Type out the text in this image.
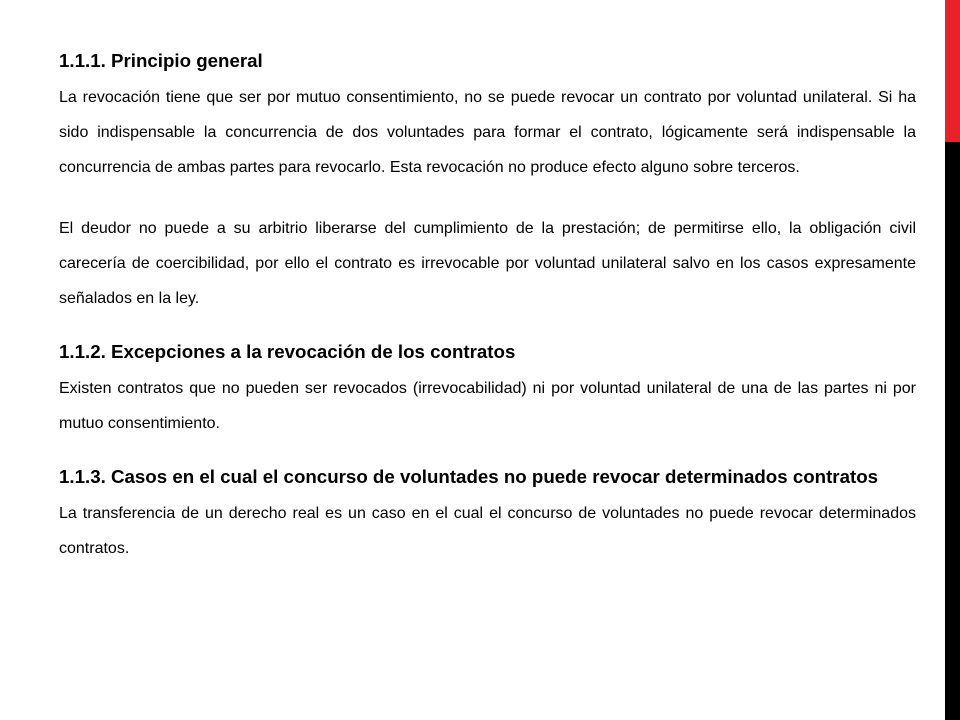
1.1.1. Principio general

La revocación tiene que ser por mutuo consentimiento, no se puede revocar un contrato por voluntad unilateral. Si ha sido indispensable la concurrencia de dos voluntades para formar el contrato, lógicamente será indispensable la concurrencia de ambas partes para revocarlo. Esta revocación no produce efecto alguno sobre terceros.

El deudor no puede a su arbitrio liberarse del cumplimiento de la prestación; de permitirse ello, la obligación civil carecería de coercibilidad, por ello el contrato es irrevocable por voluntad unilateral salvo en los casos expresamente señalados en la ley.

1.1.2. Excepciones a la revocación de los contratos

Existen contratos que no pueden ser revocados (irrevocabilidad) ni por voluntad unilateral de una de las partes ni por mutuo consentimiento.

1.1.3. Casos en el cual el concurso de voluntades no puede revocar determinados contratos

La transferencia de un derecho real es un caso en el cual el concurso de voluntades no puede revocar determinados contratos.
